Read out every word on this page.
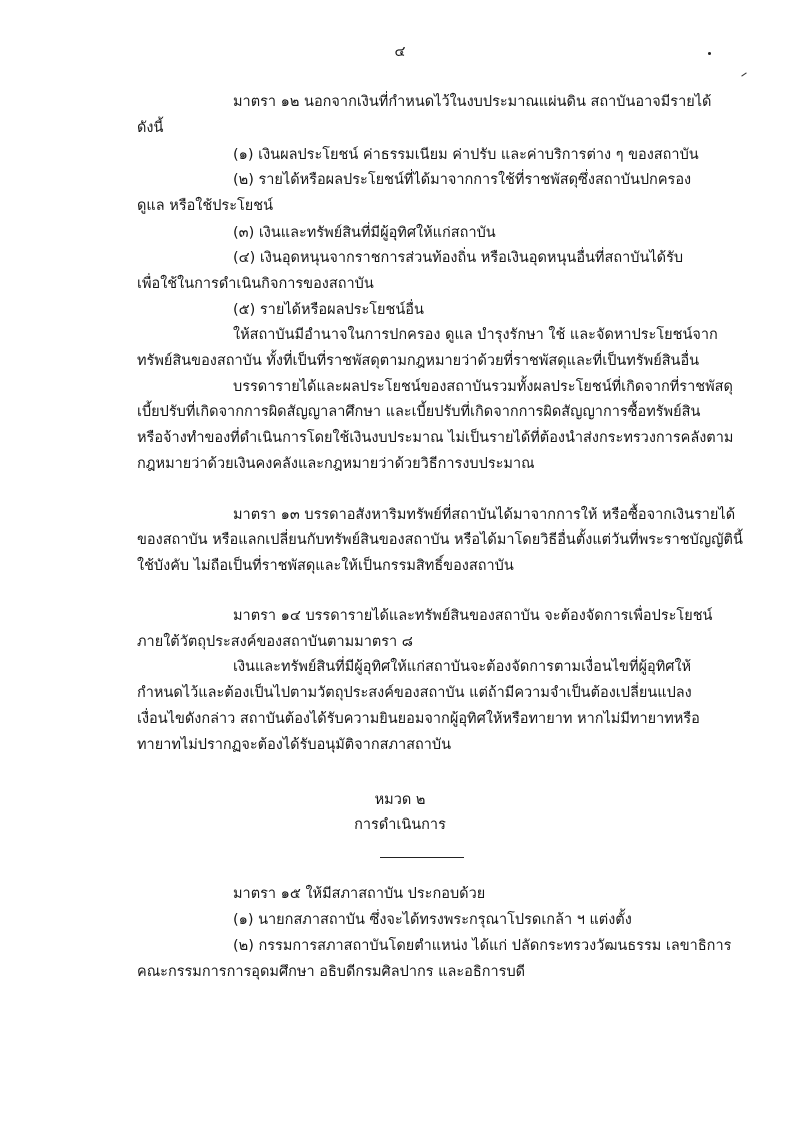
๔
มาตรา ๑๒ นอกจากเงินที่กำหนดไว้ในงบประมาณแผ่นดิน สถาบันอาจมีรายได้
ดังนี้
(๑) เงินผลประโยชน์ ค่าธรรมเนียม ค่าปรับ และค่าบริการต่าง ๆ ของสถาบัน
(๒) รายได้หรือผลประโยชน์ที่ได้มาจากการใช้ที่ราชพัสดุซึ่งสถาบันปกครอง
ดูแล หรือใช้ประโยชน์
(๓) เงินและทรัพย์สินที่มีผู้อุทิศให้แก่สถาบัน
(๔) เงินอุดหนุนจากราชการส่วนท้องถิ่น หรือเงินอุดหนุนอื่นที่สถาบันได้รับ
เพื่อใช้ในการดำเนินกิจการของสถาบัน
(๕) รายได้หรือผลประโยชน์อื่น
ให้สถาบันมีอำนาจในการปกครอง ดูแล บำรุงรักษา ใช้ และจัดหาประโยชน์จาก
ทรัพย์สินของสถาบัน ทั้งที่เป็นที่ราชพัสดุตามกฎหมายว่าด้วยที่ราชพัสดุและที่เป็นทรัพย์สินอื่น
บรรดารายได้และผลประโยชน์ของสถาบันรวมทั้งผลประโยชน์ที่เกิดจากที่ราชพัสดุ
เบี้ยปรับที่เกิดจากการผิดสัญญาลาศึกษา และเบี้ยปรับที่เกิดจากการผิดสัญญาการซื้อทรัพย์สิน
หรือจ้างทำของที่ดำเนินการโดยใช้เงินงบประมาณ ไม่เป็นรายได้ที่ต้องนำส่งกระทรวงการคลังตาม
กฎหมายว่าด้วยเงินคงคลังและกฎหมายว่าด้วยวิธีการงบประมาณ
มาตรา ๑๓ บรรดาอสังหาริมทรัพย์ที่สถาบันได้มาจากการให้ หรือซื้อจากเงินรายได้
ของสถาบัน หรือแลกเปลี่ยนกับทรัพย์สินของสถาบัน หรือได้มาโดยวิธีอื่นตั้งแต่วันที่พระราชบัญญัตินี้
ใช้บังคับ ไม่ถือเป็นที่ราชพัสดุและให้เป็นกรรมสิทธิ์ของสถาบัน
มาตรา ๑๔ บรรดารายได้และทรัพย์สินของสถาบัน จะต้องจัดการเพื่อประโยชน์
ภายใต้วัตถุประสงค์ของสถาบันตามมาตรา ๘
เงินและทรัพย์สินที่มีผู้อุทิศให้แก่สถาบันจะต้องจัดการตามเงื่อนไขที่ผู้อุทิศให้
กำหนดไว้และต้องเป็นไปตามวัตถุประสงค์ของสถาบัน แต่ถ้ามีความจำเป็นต้องเปลี่ยนแปลง
เงื่อนไขดังกล่าว สถาบันต้องได้รับความยินยอมจากผู้อุทิศให้หรือทายาท หากไม่มีทายาทหรือ
ทายาทไม่ปรากฏจะต้องได้รับอนุมัติจากสภาสถาบัน
หมวด ๒
การดำเนินการ
มาตรา ๑๕ ให้มีสภาสถาบัน ประกอบด้วย
(๑) นายกสภาสถาบัน ซึ่งจะได้ทรงพระกรุณาโปรดเกล้า ฯ แต่งตั้ง
(๒) กรรมการสภาสถาบันโดยตำแหน่ง ได้แก่ ปลัดกระทรวงวัฒนธรรม เลขาธิการ
คณะกรรมการการอุดมศึกษา อธิบดีกรมศิลปากร และอธิการบดี
